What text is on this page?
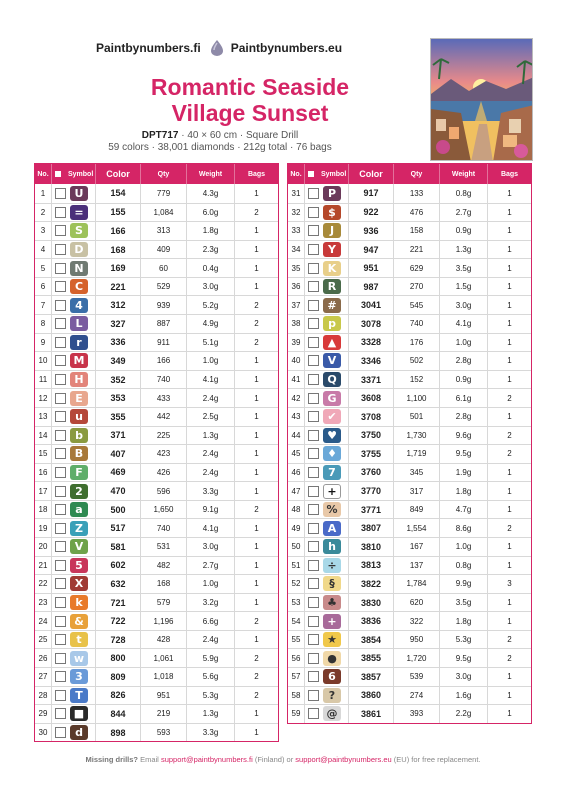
Paintbynumbers.fi	Paintbynumbers.eu
Romantic Seaside Village Sunset
DPT717 · 40 × 60 cm · Square Drill
59 colors · 38,001 diamonds · 212g total · 76 bags
No.	Symbol Color	Qty	Weight	Bags
1	U	154	779	4.3g	1
2	=	155	1,084	6.0g	2
3	S	166	313	1.8g	1
4	D	168	409	2.3g	1
5	N	169	60	0.4g	1
6	C	221	529	3.0g	1
7	4	312	939	5.2g	2
8	L	327	887	4.9g	2
9	r	336	911	5.1g	2
10	M	349	166	1.0g	1
11	H	352	740	4.1g	1
12	E	353	433	2.4g	1
13	u	355	442	2.5g	1
14	b	371	225	1.3g	1
15	B	407	423	2.4g	1
16	F	469	426	2.4g	1
17	2	470	596	3.3g	1
18	a	500	1,650	9.1g	2
19	Z	517	740	4.1g	1
20	V	581	531	3.0g	1
21	5	602	482	2.7g	1
22	X	632	168	1.0g	1
23	k	721	579	3.2g	1
24	&	722	1,196	6.6g	2
25	t	728	428	2.4g	1
26	w	800	1,061	5.9g	2
27	3	809	1,018	5.6g	2
28	T	826	951	5.3g	2
29	■	844	219	1.3g	1
30	d	898	593	3.3g	1
No.	Symbol Color	Qty	Weight	Bags
31	P	917	133	0.8g	1
32	$	922	476	2.7g	1
33	J	936	158	0.9g	1
34	Y	947	221	1.3g	1
35	K	951	629	3.5g	1
36	R	987	270	1.5g	1
37	#	3041	545	3.0g	1
38	p	3078	740	4.1g	1
39	▲	3328	176	1.0g	1
40	V	3346	502	2.8g	1
41	Q	3371	152	0.9g	1
42	G	3608	1,100	6.1g	2
43	✔	3708	501	2.8g	1
44	♥	3750	1,730	9.6g	2
45	♦	3755	1,719	9.5g	2
46	7	3760	345	1.9g	1
47	+	3770	317	1.8g	1
48	%	3771	849	4.7g	1
49	A	3807	1,554	8.6g	2
50	h	3810	167	1.0g	1
51	÷	3813	137	0.8g	1
52	§	3822	1,784	9.9g	3
53	♣	3830	620	3.5g	1
54	+	3836	322	1.8g	1
55	★	3854	950	5.3g	2
56	●	3855	1,720	9.5g	2
57	6	3857	539	3.0g	1
58	?	3860	274	1.6g	1
59	@	3861	393	2.2g	1
Missing drills? Email support@paintbynumbers.fi (Finland) or support@paintbynumbers.eu (EU) for free replacement.
